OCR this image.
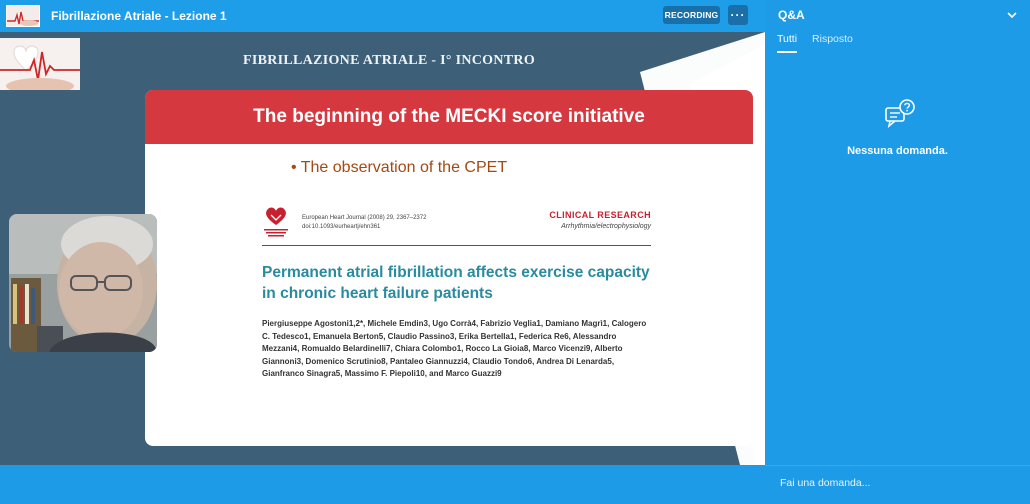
Fibrillazione Atriale - Lezione 1	RECORDING ···
FIBRILLAZIONE ATRIALE - I° INCONTRO
The beginning of the MECKI score initiative
• The observation of the CPET
European Heart Journal (2008) 29, 2367–2372
doi:10.1093/eurheartj/ehn361
CLINICAL RESEARCH
Arrhythmia/electrophysiology
Permanent atrial fibrillation affects exercise capacity in chronic heart failure patients
Piergiuseppe Agostoni1,2*, Michele Emdin3, Ugo Corrà4, Fabrizio Veglia1, Damiano Magrì1, Calogero C. Tedesco1, Emanuela Berton5, Claudio Passino3, Erika Bertella1, Federica Re6, Alessandro Mezzani4, Romualdo Belardinelli7, Chiara Colombo1, Rocco La Gioia8, Marco Vicenzi9, Alberto Giannoni3, Domenico Scrutinio8, Pantaleo Giannuzzi4, Claudio Tondo6, Andrea Di Lenarda5, Gianfranco Sinagra5, Massimo F. Piepoli10, and Marco Guazzi9
Q&A
Tutti Risposto
Nessuna domanda.
Fai una domanda...
